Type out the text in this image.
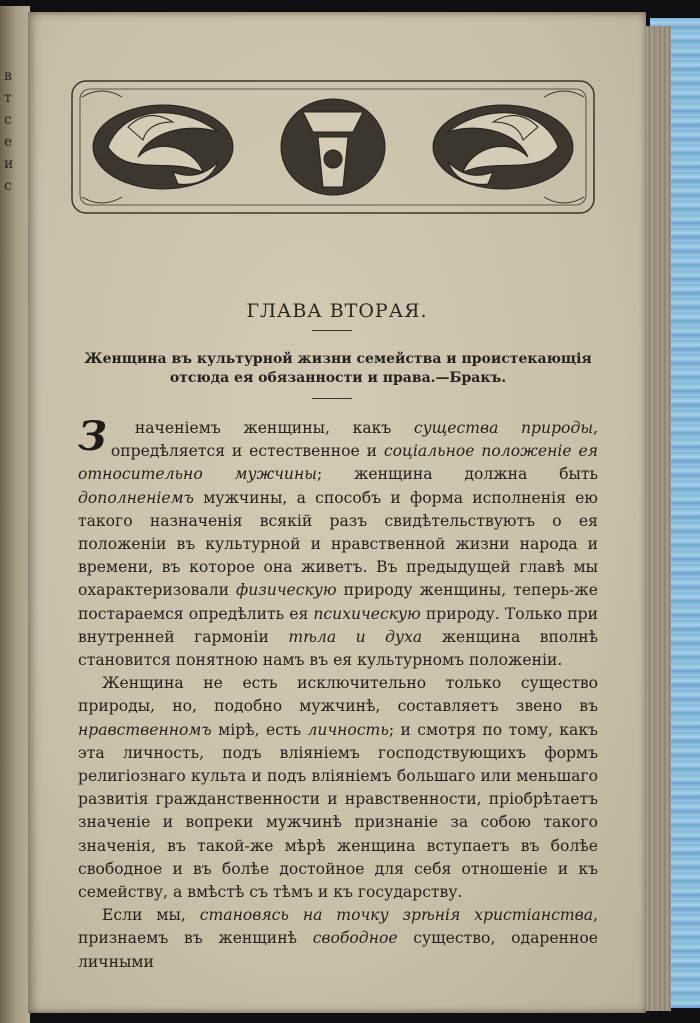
в
т
с
е
и
с
ГЛАВА ВТОРАЯ.
Женщина въ культурной жизни семейства и проистекающія отсюда ея обязанности и права.—Бракъ.

З наченіемъ женщины, какъ существа природы, опредѣляется и естественное и соціальное положеніе ея относительно мужчины; женщина должна быть дополненіемъ мужчины, а способъ и форма исполненія ею такого назначенія всякій разъ свидѣтельствуютъ о ея положеніи въ культурной и нравственной жизни народа и времени, въ которое она живетъ. Въ предыдущей главѣ мы охарактеризовали физическую природу женщины, теперь-же постараемся опредѣлить ея психическую природу. Только при внутренней гармоніи тѣла и духа женщина вполнѣ становится понятною намъ въ ея культурномъ положеніи.

Женщина не есть исключительно только существо природы, но, подобно мужчинѣ, составляетъ звено въ нравственномъ мірѣ, есть личность; и смотря по тому, какъ эта личность, подъ вліяніемъ господствующихъ формъ религіознаго культа и подъ вліяніемъ большаго или меньшаго развитія гражданственности и нравственности, пріобрѣтаетъ значеніе и вопреки мужчинѣ признаніе за собою такого значенія, въ такой-же мѣрѣ женщина вступаетъ въ болѣе свободное и въ болѣе достойное для себя отношеніе и къ семейству, а вмѣстѣ съ тѣмъ и къ государству.

Если мы, становясь на точку зрѣнія христіанства, признаемъ въ женщинѣ свободное существо, одаренное личными
